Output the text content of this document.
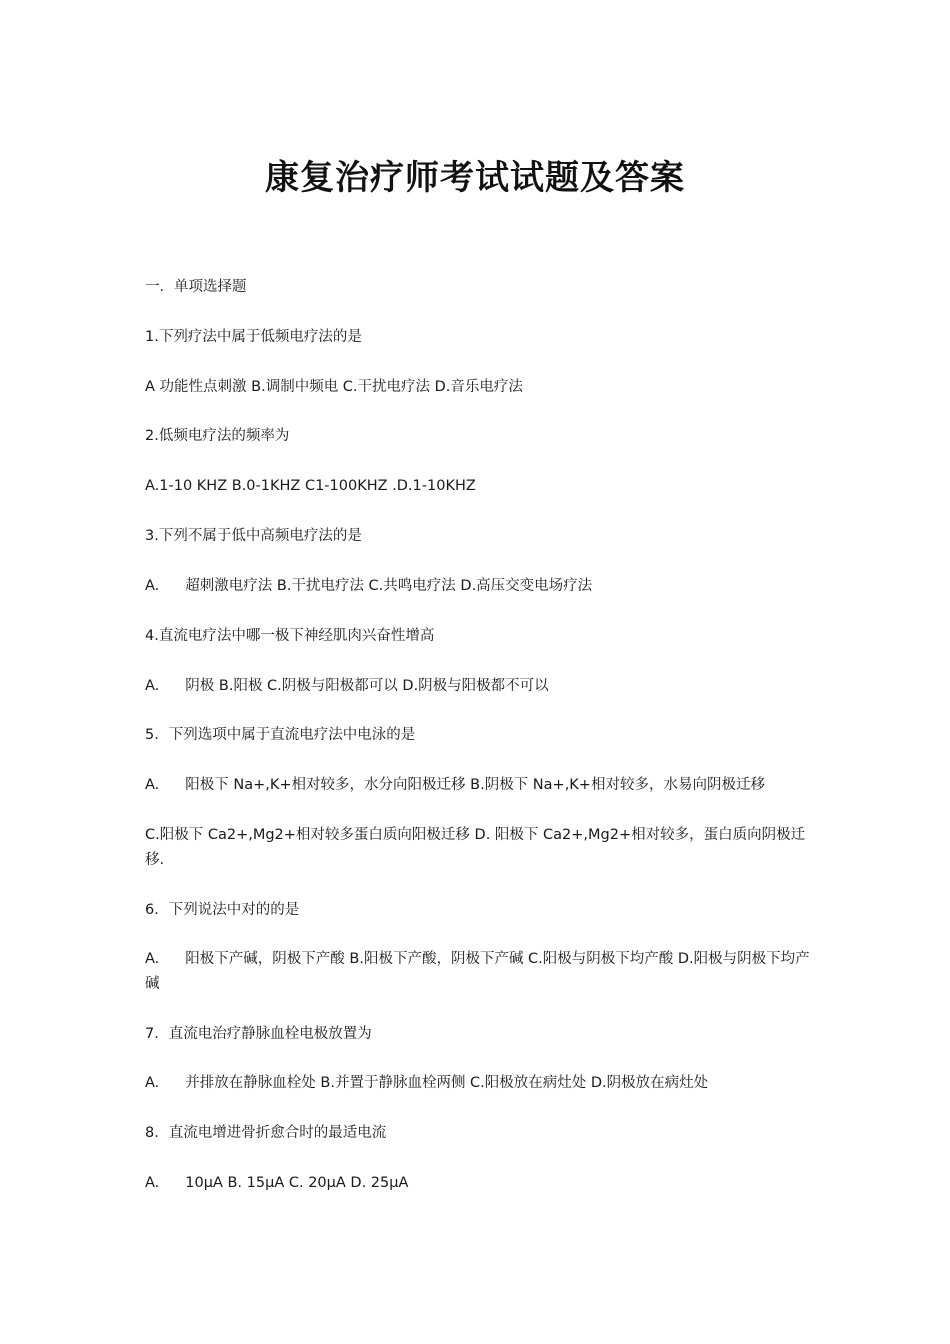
康复治疗师考试试题及答案
一．单项选择题
1.下列疗法中属于低频电疗法的是
A 功能性点刺激 B.调制中频电 C.干扰电疗法 D.音乐电疗法
2.低频电疗法的频率为
A.1-10 KHZ B.0-1KHZ C1-100KHZ .D.1-10KHZ
3.下列不属于低中高频电疗法的是
A. 超刺激电疗法 B.干扰电疗法 C.共鸣电疗法 D.高压交变电场疗法
4.直流电疗法中哪一极下神经肌肉兴奋性增高
A. 阴极 B.阳极 C.阴极与阳极都可以 D.阴极与阳极都不可以
5．下列选项中属于直流电疗法中电泳的是
A. 阳极下 Na+,K+相对较多，水分向阳极迁移 B.阴极下 Na+,K+相对较多，水易向阴极迁移
C.阳极下 Ca2+,Mg2+相对较多蛋白质向阳极迁移 D. 阳极下 Ca2+,Mg2+相对较多，蛋白质向阴极迁移.
6．下列说法中对的的是
A. 阳极下产碱，阴极下产酸 B.阳极下产酸，阴极下产碱 C.阳极与阴极下均产酸 D.阳极与阴极下均产碱
7．直流电治疗静脉血栓电极放置为
A. 并排放在静脉血栓处 B.并置于静脉血栓两侧 C.阳极放在病灶处 D.阴极放在病灶处
8．直流电增进骨折愈合时的最适电流
A. 10μA B. 15μA C. 20μA D. 25μA
